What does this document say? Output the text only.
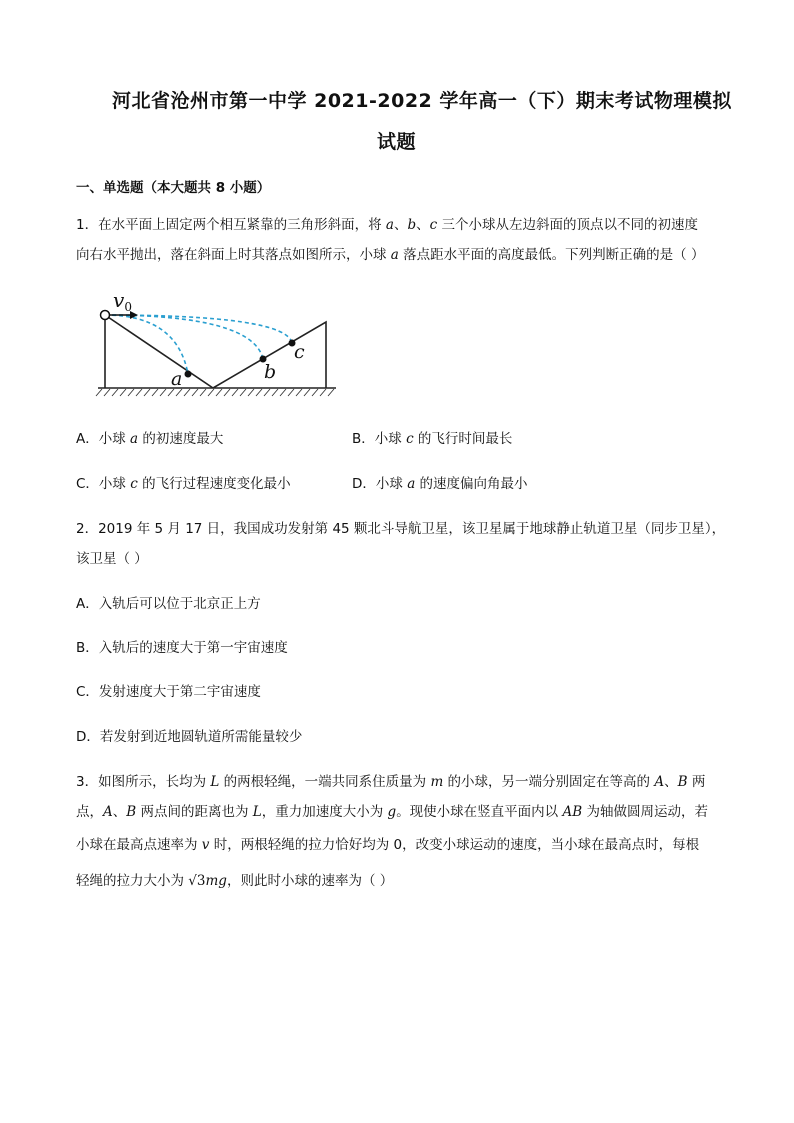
河北省沧州市第一中学 2021-2022 学年高一（下）期末考试物理模拟
试题
一、单选题（本大题共 8 小题）
1．在水平面上固定两个相互紧靠的三角形斜面，将 a、b、c 三个小球从左边斜面的顶点以不同的初速度
向右水平抛出，落在斜面上时其落点如图所示，小球 a 落点距水平面的高度最低。下列判断正确的是（ ）
$v_0$
a	b
c
A．小球 a 的初速度最大	B．小球 c 的飞行时间最长
C．小球 c 的飞行过程速度变化最小	D．小球 a 的速度偏向角最小
2．2019 年 5 月 17 日，我国成功发射第 45 颗北斗导航卫星，该卫星属于地球静止轨道卫星（同步卫星），
该卫星（ ）
A．入轨后可以位于北京正上方
B．入轨后的速度大于第一宇宙速度
C．发射速度大于第二宇宙速度
D．若发射到近地圆轨道所需能量较少
3．如图所示，长均为 L 的两根轻绳，一端共同系住质量为 m 的小球，另一端分别固定在等高的 A、B 两
点，A、B 两点间的距离也为 L，重力加速度大小为 g。现使小球在竖直平面内以 AB 为轴做圆周运动，若
小球在最高点速率为 v 时，两根轻绳的拉力恰好均为 0，改变小球运动的速度，当小球在最高点时，每根
轻绳的拉力大小为 √3mg，则此时小球的速率为（ ）
